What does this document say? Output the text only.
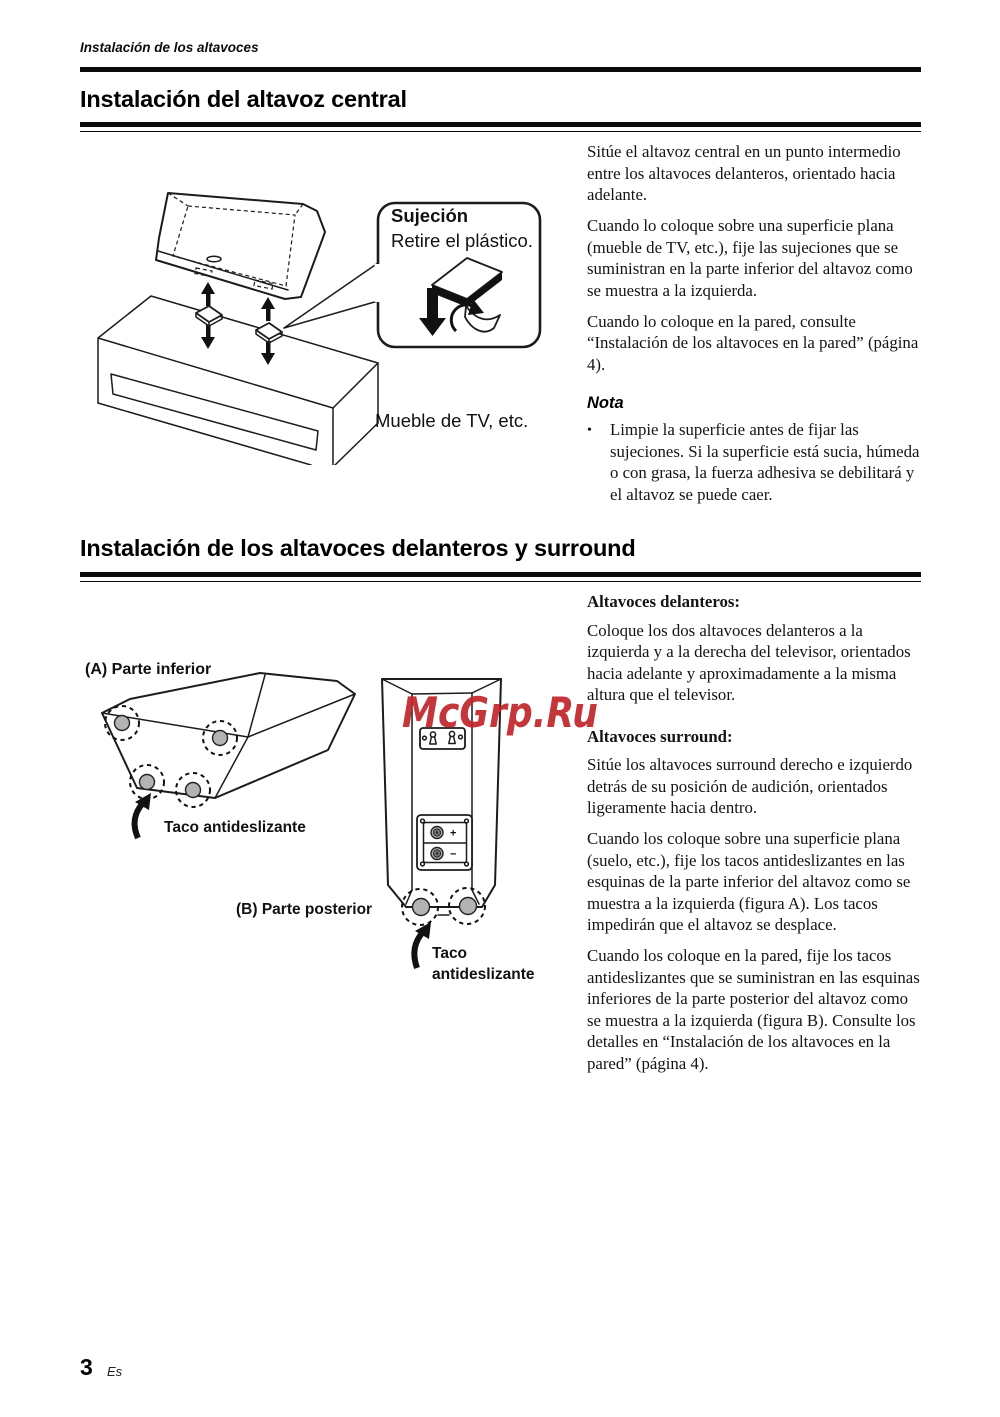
Instalación de los altavoces
Instalación del altavoz central
Sujeción
Retire el plástico.
Mueble de TV, etc.

Sitúe el altavoz central en un punto intermedio entre los altavoces delanteros, orientado hacia adelante.

Cuando lo coloque sobre una superficie plana (mueble de TV, etc.), fije las sujeciones que se suministran en la parte inferior del altavoz como se muestra a la izquierda.

Cuando lo coloque en la pared, consulte “Instalación de los altavoces en la pared” (página 4).

Nota
•	Limpie la superficie antes de fijar las sujeciones. Si la superficie está sucia, húmeda o con grasa, la fuerza adhesiva se debilitará y el altavoz se puede caer.
Instalación de los altavoces delanteros y surround
(A) Parte inferior
Taco antideslizante	+
−
(B) Parte posterior
Taco antideslizante
McGrp.Ru

Altavoces delanteros:

Coloque los dos altavoces delanteros a la izquierda y a la derecha del televisor, orientados hacia adelante y aproximadamente a la misma altura que el televisor.

Altavoces surround:

Sitúe los altavoces surround derecho e izquierdo detrás de su posición de audición, orientados ligeramente hacia dentro.

Cuando los coloque sobre una superficie plana (suelo, etc.), fije los tacos antideslizantes en las esquinas de la parte inferior del altavoz como se muestra a la izquierda (figura A). Los tacos impedirán que el altavoz se desplace.

Cuando los coloque en la pared, fije los tacos antideslizantes que se suministran en las esquinas inferiores de la parte posterior del altavoz como se muestra a la izquierda (figura B). Consulte los detalles en “Instalación de los altavoces en la pared” (página 4).

3 Es
